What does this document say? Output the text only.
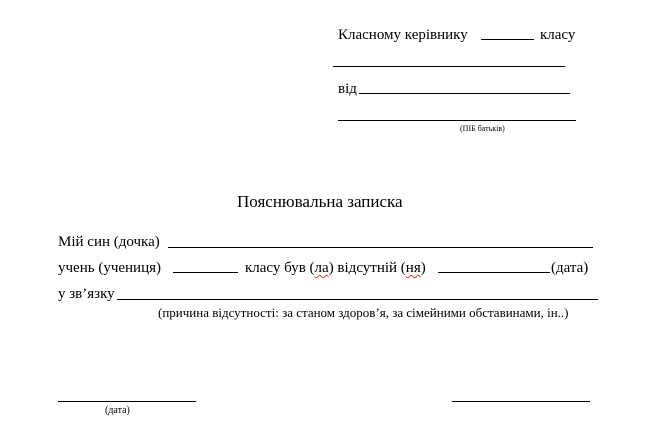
Класному керівнику	класу
від
(ПІБ батьків)
Пояснювальна записка
Мій син (дочка)
учень (учениця)	класу був (ла) відсутній (ня)	(дата)
у зв’язку
(причина відсутності: за станом здоров’я, за сімейними обставинами, ін..)
(дата)
